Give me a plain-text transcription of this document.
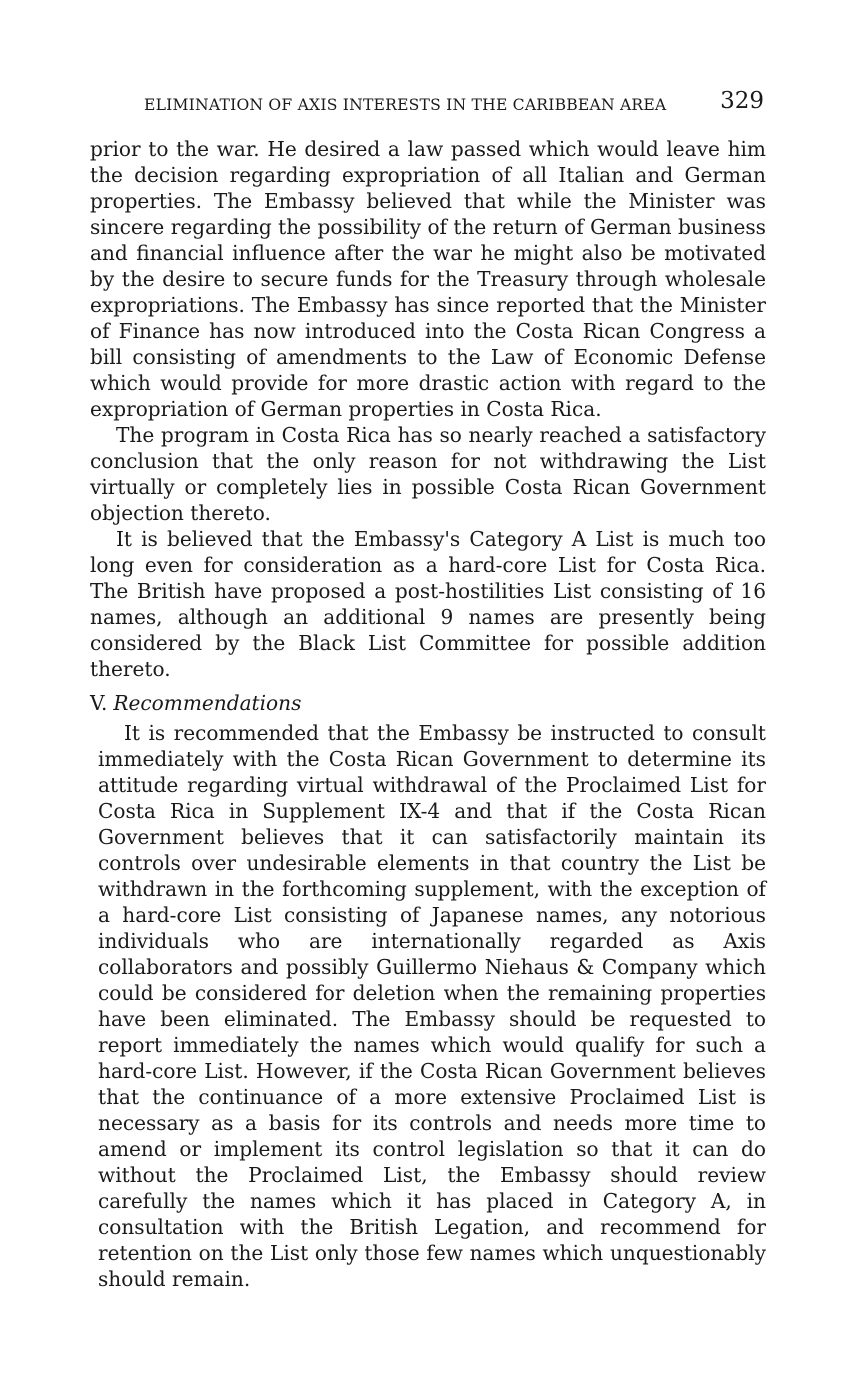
ELIMINATION OF AXIS INTERESTS IN THE CARIBBEAN AREA 329

prior to the war. He desired a law passed which would leave him the decision regarding expropriation of all Italian and German properties. The Embassy believed that while the Minister was sincere regarding the possibility of the return of German business and financial influence after the war he might also be motivated by the desire to secure funds for the Treasury through wholesale expropriations. The Embassy has since reported that the Minister of Finance has now introduced into the Costa Rican Congress a bill consisting of amendments to the Law of Economic Defense which would provide for more drastic action with regard to the expropriation of German properties in Costa Rica.

The program in Costa Rica has so nearly reached a satisfactory conclusion that the only reason for not withdrawing the List virtually or completely lies in possible Costa Rican Government objection thereto.

It is believed that the Embassy's Category A List is much too long even for consideration as a hard-core List for Costa Rica. The British have proposed a post-hostilities List consisting of 16 names, although an additional 9 names are presently being considered by the Black List Committee for possible addition thereto.

V. Recommendations

It is recommended that the Embassy be instructed to consult immediately with the Costa Rican Government to determine its attitude regarding virtual withdrawal of the Proclaimed List for Costa Rica in Supplement IX-4 and that if the Costa Rican Government believes that it can satisfactorily maintain its controls over undesirable elements in that country the List be withdrawn in the forthcoming supplement, with the exception of a hard-core List consisting of Japanese names, any notorious individuals who are internationally regarded as Axis collaborators and possibly Guillermo Niehaus & Company which could be considered for deletion when the remaining properties have been eliminated. The Embassy should be requested to report immediately the names which would qualify for such a hard-core List. However, if the Costa Rican Government believes that the continuance of a more extensive Proclaimed List is necessary as a basis for its controls and needs more time to amend or implement its control legislation so that it can do without the Proclaimed List, the Embassy should review carefully the names which it has placed in Category A, in consultation with the British Legation, and recommend for retention on the List only those few names which unquestionably should remain.
